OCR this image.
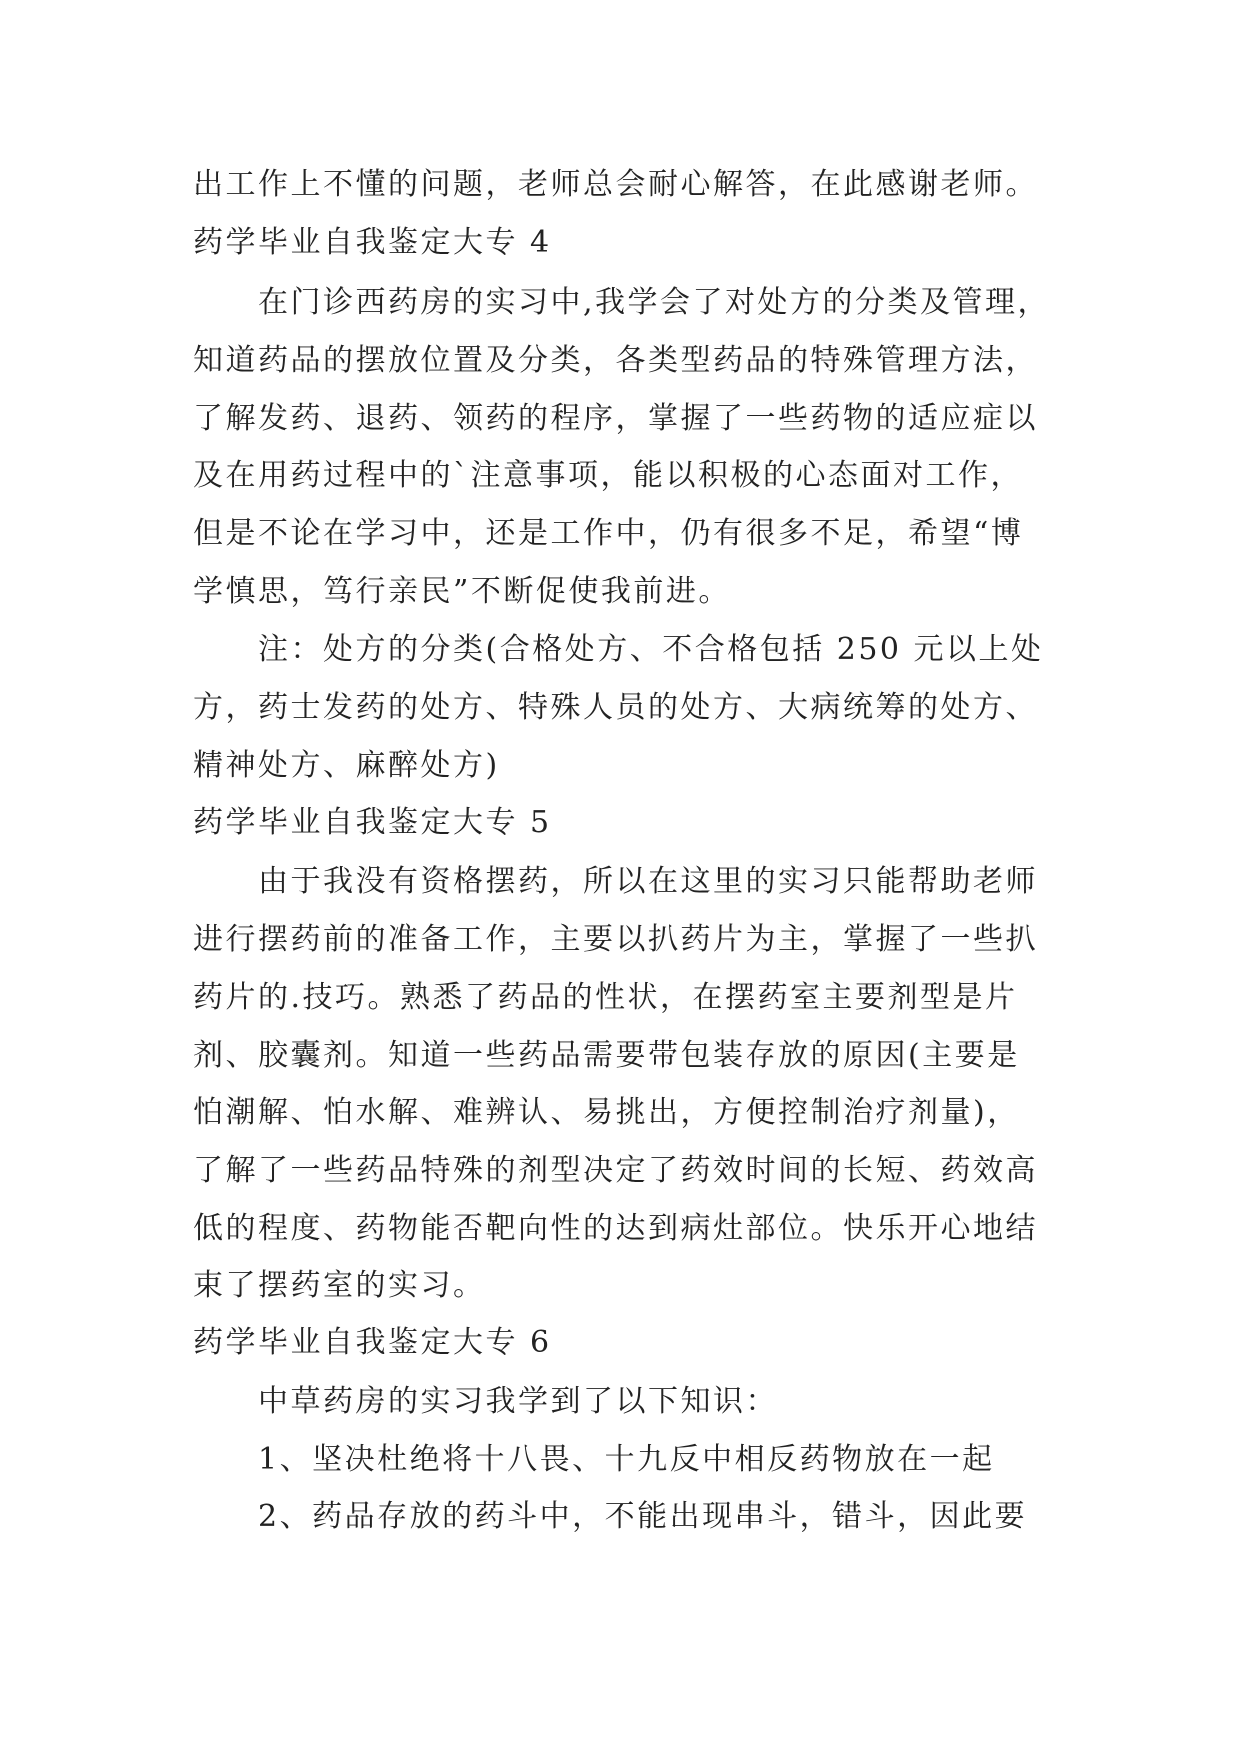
出工作上不懂的问题，老师总会耐心解答，在此感谢老师。
药学毕业自我鉴定大专 4
在门诊西药房的实习中,我学会了对处方的分类及管理，
知道药品的摆放位置及分类，各类型药品的特殊管理方法，
了解发药、退药、领药的程序，掌握了一些药物的适应症以
及在用药过程中的`注意事项，能以积极的心态面对工作，
但是不论在学习中，还是工作中，仍有很多不足，希望“博
学慎思，笃行亲民”不断促使我前进。
注：处方的分类(合格处方、不合格包括 250 元以上处
方，药士发药的处方、特殊人员的处方、大病统筹的处方、
精神处方、麻醉处方)
药学毕业自我鉴定大专 5
由于我没有资格摆药，所以在这里的实习只能帮助老师
进行摆药前的准备工作，主要以扒药片为主，掌握了一些扒
药片的.技巧。熟悉了药品的性状，在摆药室主要剂型是片
剂、胶囊剂。知道一些药品需要带包装存放的原因(主要是
怕潮解、怕水解、难辨认、易挑出，方便控制治疗剂量)，
了解了一些药品特殊的剂型决定了药效时间的长短、药效高
低的程度、药物能否靶向性的达到病灶部位。快乐开心地结
束了摆药室的实习。
药学毕业自我鉴定大专 6
中草药房的实习我学到了以下知识：
1、坚决杜绝将十八畏、十九反中相反药物放在一起
2、药品存放的药斗中，不能出现串斗，错斗，因此要
